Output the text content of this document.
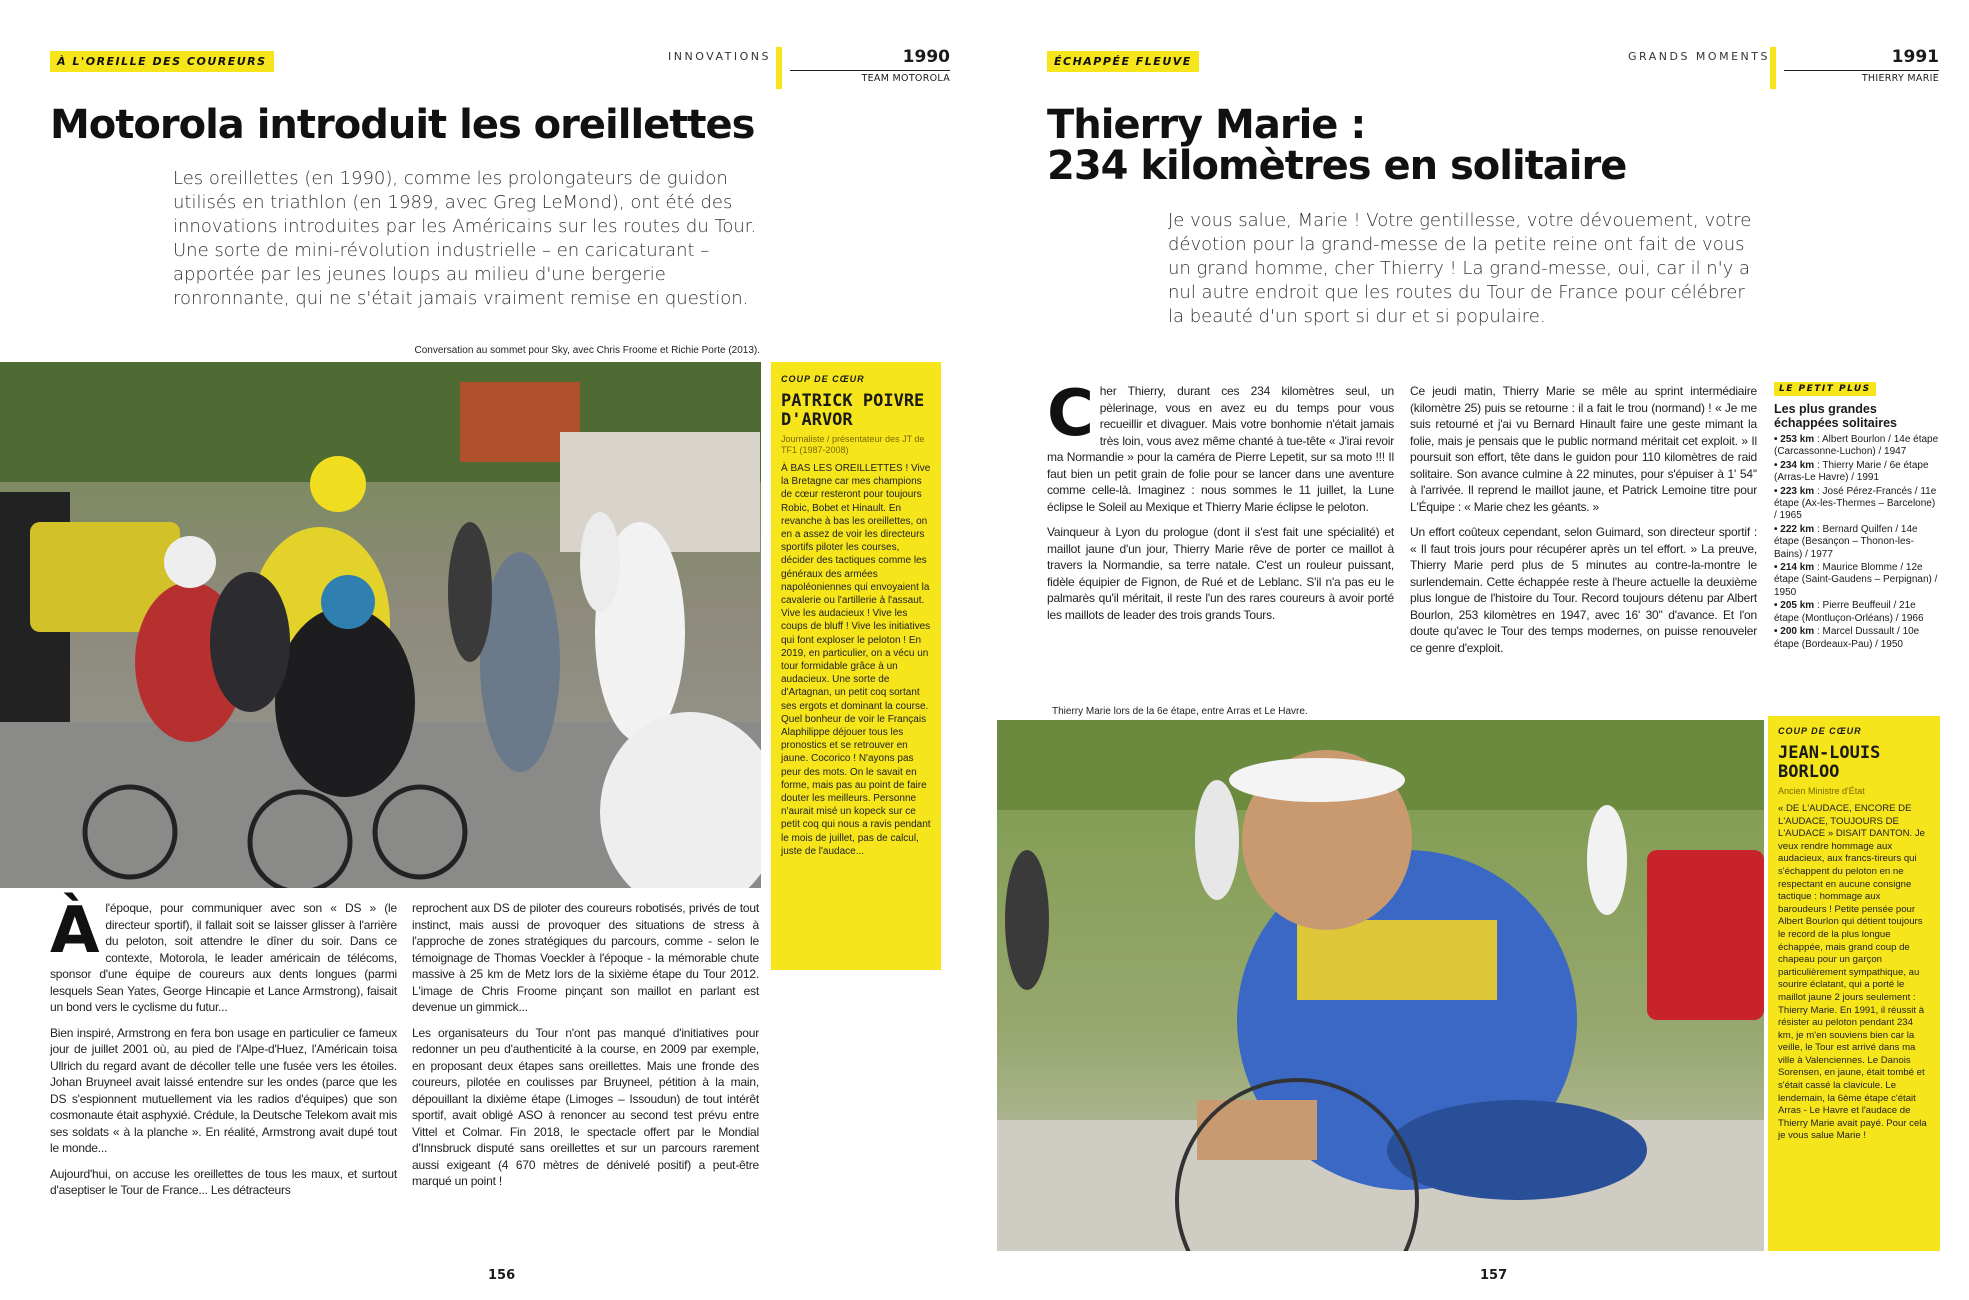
À L'OREILLE DES COUREURS	INNOVATIONS	1990
TEAM MOTOROLA
Motorola introduit les oreillettes
Les oreillettes (en 1990), comme les prolongateurs de guidon utilisés en triathlon (en 1989, avec Greg LeMond), ont été des innovations introduites par les Américains sur les routes du Tour. Une sorte de mini-révolution industrielle – en caricaturant – apportée par les jeunes loups au milieu d'une bergerie ronronnante, qui ne s'était jamais vraiment remise en question.
Conversation au sommet pour Sky, avec Chris Froome et Richie Porte (2013).
COUP DE CŒUR
PATRICK POIVRE D'ARVOR
Journaliste / présentateur des JT de TF1 (1987-2008)
À BAS LES OREILLETTES ! Vive la Bretagne car mes champions de cœur resteront pour toujours Robic, Bobet et Hinault. En revanche à bas les oreillettes, on en a assez de voir les directeurs sportifs piloter les courses, décider des tactiques comme les généraux des armées napoléoniennes qui envoyaient la cavalerie ou l'artillerie à l'assaut. Vive les audacieux ! Vive les coups de bluff ! Vive les initiatives qui font exploser le peloton ! En 2019, en particulier, on a vécu un tour formidable grâce à un audacieux. Une sorte de d'Artagnan, un petit coq sortant ses ergots et dominant la course. Quel bonheur de voir le Français Alaphilippe déjouer tous les pronostics et se retrouver en jaune. Cocorico ! N'ayons pas peur des mots. On le savait en forme, mais pas au point de faire douter les meilleurs. Personne n'aurait misé un kopeck sur ce petit coq qui nous a ravis pendant le mois de juillet, pas de calcul, juste de l'audace...

Àl'époque, pour communiquer avec son « DS » (le directeur sportif), il fallait soit se laisser glisser à l'arrière du peloton, soit attendre le dîner du soir. Dans ce contexte, Motorola, le leader américain de télécoms, sponsor d'une équipe de coureurs aux dents longues (parmi lesquels Sean Yates, George Hincapie et Lance Armstrong), faisait un bond vers le cyclisme du futur...

Bien inspiré, Armstrong en fera bon usage en particulier ce fameux jour de juillet 2001 où, au pied de l'Alpe-d'Huez, l'Américain toisa Ullrich du regard avant de décoller telle une fusée vers les étoiles. Johan Bruyneel avait laissé entendre sur les ondes (parce que les DS s'espionnent mutuellement via les radios d'équipes) que son cosmonaute était asphyxié. Crédule, la Deutsche Telekom avait mis ses soldats « à la planche ». En réalité, Armstrong avait dupé tout le monde...

Aujourd'hui, on accuse les oreillettes de tous les maux, et surtout d'aseptiser le Tour de France... Les détracteurs

reprochent aux DS de piloter des coureurs robotisés, privés de tout instinct, mais aussi de provoquer des situations de stress à l'approche de zones stratégiques du parcours, comme - selon le témoignage de Thomas Voeckler à l'époque - la mémorable chute massive à 25 km de Metz lors de la sixième étape du Tour 2012. L'image de Chris Froome pinçant son maillot en parlant est devenue un gimmick...

Les organisateurs du Tour n'ont pas manqué d'initiatives pour redonner un peu d'authenticité à la course, en 2009 par exemple, en proposant deux étapes sans oreillettes. Mais une fronde des coureurs, pilotée en coulisses par Bruyneel, pétition à la main, dépouillant la dixième étape (Limoges – Issoudun) de tout intérêt sportif, avait obligé ASO à renoncer au second test prévu entre Vittel et Colmar. Fin 2018, le spectacle offert par le Mondial d'Innsbruck disputé sans oreillettes et sur un parcours rarement aussi exigeant (4 670 mètres de dénivelé positif) a peut-être marqué un point !

156
ÉCHAPPÉE FLEUVE	GRANDS MOMENTS	1991
THIERRY MARIE
Thierry Marie :
234 kilomètres en solitaire
Je vous salue, Marie ! Votre gentillesse, votre dévouement, votre dévotion pour la grand-messe de la petite reine ont fait de vous un grand homme, cher Thierry ! La grand-messe, oui, car il n'y a nul autre endroit que les routes du Tour de France pour célébrer la beauté d'un sport si dur et si populaire.

Cher Thierry, durant ces 234 kilomètres seul, un pèlerinage, vous en avez eu du temps pour vous recueillir et divaguer. Mais votre bonhomie n'était jamais très loin, vous avez même chanté à tue-tête « J'irai revoir ma Normandie » pour la caméra de Pierre Lepetit, sur sa moto !!! Il faut bien un petit grain de folie pour se lancer dans une aventure comme celle-là. Imaginez : nous sommes le 11 juillet, la Lune éclipse le Soleil au Mexique et Thierry Marie éclipse le peloton.

Vainqueur à Lyon du prologue (dont il s'est fait une spécialité) et maillot jaune d'un jour, Thierry Marie rêve de porter ce maillot à travers la Normandie, sa terre natale. C'est un rouleur puissant, fidèle équipier de Fignon, de Rué et de Leblanc. S'il n'a pas eu le palmarès qu'il méritait, il reste l'un des rares coureurs à avoir porté les maillots de leader des trois grands Tours.

Ce jeudi matin, Thierry Marie se mêle au sprint intermédiaire (kilomètre 25) puis se retourne : il a fait le trou (normand) ! « Je me suis retourné et j'ai vu Bernard Hinault faire une geste mimant la folie, mais je pensais que le public normand méritait cet exploit. » Il poursuit son effort, tête dans le guidon pour 110 kilomètres de raid solitaire. Son avance culmine à 22 minutes, pour s'épuiser à 1' 54'' à l'arrivée. Il reprend le maillot jaune, et Patrick Lemoine titre pour L'Équipe : « Marie chez les géants. »

Un effort coûteux cependant, selon Guimard, son directeur sportif : « Il faut trois jours pour récupérer après un tel effort. » La preuve, Thierry Marie perd plus de 5 minutes au contre-la-montre le surlendemain. Cette échappée reste à l'heure actuelle la deuxième plus longue de l'histoire du Tour. Record toujours détenu par Albert Bourlon, 253 kilomètres en 1947, avec 16' 30'' d'avance. Et l'on doute qu'avec le Tour des temps modernes, on puisse renouveler ce genre d'exploit.

LE PETIT PLUS
Les plus grandes échappées solitaires
• 253 km : Albert Bourlon / 14e étape (Carcassonne-Luchon) / 1947
• 234 km : Thierry Marie / 6e étape (Arras-Le Havre) / 1991
• 223 km : José Pérez-Francés / 11e étape (Ax-les-Thermes – Barcelone) / 1965
• 222 km : Bernard Quilfen / 14e étape (Besançon – Thonon-les-Bains) / 1977
• 214 km : Maurice Blomme / 12e étape (Saint-Gaudens – Perpignan) / 1950
• 205 km : Pierre Beuffeuil / 21e étape (Montluçon-Orléans) / 1966
• 200 km : Marcel Dussault / 10e étape (Bordeaux-Pau) / 1950
Thierry Marie lors de la 6e étape, entre Arras et Le Havre.
COUP DE CŒUR
JEAN-LOUIS BORLOO
Ancien Ministre d'État
« DE L'AUDACE, ENCORE DE L'AUDACE, TOUJOURS DE L'AUDACE » DISAIT DANTON. Je veux rendre hommage aux audacieux, aux francs-tireurs qui s'échappent du peloton en ne respectant en aucune consigne tactique : hommage aux baroudeurs ! Petite pensée pour Albert Bourlon qui détient toujours le record de la plus longue échappée, mais grand coup de chapeau pour un garçon particulièrement sympathique, au sourire éclatant, qui a porté le maillot jaune 2 jours seulement : Thierry Marie. En 1991, il réussit à résister au peloton pendant 234 km, je m'en souviens bien car la veille, le Tour est arrivé dans ma ville à Valenciennes. Le Danois Sorensen, en jaune, était tombé et s'était cassé la clavicule. Le lendemain, la 6ème étape c'était Arras - Le Havre et l'audace de Thierry Marie avait payé. Pour cela je vous salue Marie !
157
